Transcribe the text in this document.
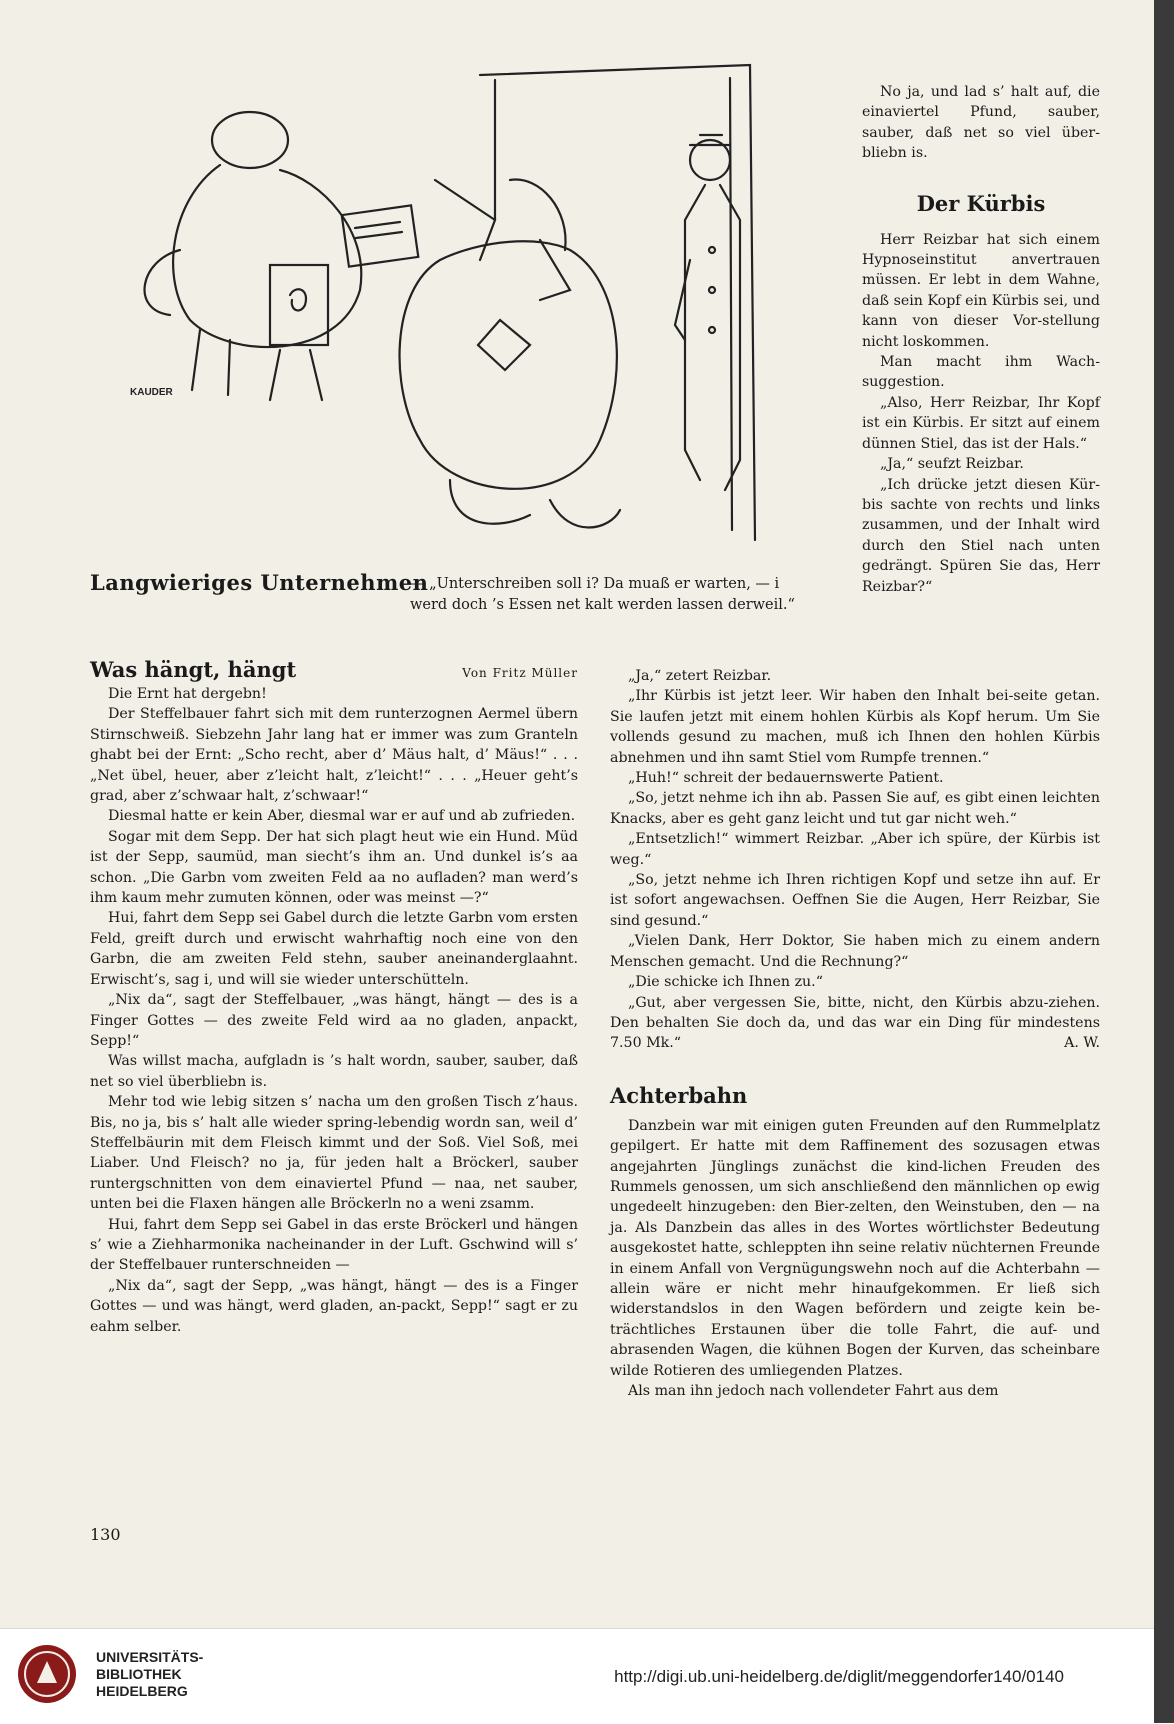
KAUDER
Langwieriges Unternehmen
— „Unterschreiben soll i? Da muaß er warten, — i werd doch ’s Essen net kalt werden lassen derweil.“
Was hängt, hängt	Von Fritz Müller

Die Ernt hat dergebn!

Der Steffelbauer fahrt sich mit dem runterzognen Aermel übern Stirnschweiß. Siebzehn Jahr lang hat er immer was zum Granteln ghabt bei der Ernt: „Scho recht, aber d’ Mäus halt, d’ Mäus!“ . . . „Net übel, heuer, aber z’leicht halt, z’leicht!“ . . . „Heuer geht’s grad, aber z’schwaar halt, z’schwaar!“

Diesmal hatte er kein Aber, diesmal war er auf und ab zufrieden.

Sogar mit dem Sepp. Der hat sich plagt heut wie ein Hund. Müd ist der Sepp, saumüd, man siecht’s ihm an. Und dunkel is’s aa schon. „Die Garbn vom zweiten Feld aa no aufladen? man werd’s ihm kaum mehr zumuten können, oder was meinst —?“

Hui, fahrt dem Sepp sei Gabel durch die letzte Garbn vom ersten Feld, greift durch und erwischt wahrhaftig noch eine von den Garbn, die am zweiten Feld stehn, sauber aneinanderglaahnt. Erwischt’s, sag i, und will sie wieder unterschütteln.

„Nix da“, sagt der Steffelbauer, „was hängt, hängt — des is a Finger Gottes — des zweite Feld wird aa no gladen, anpackt, Sepp!“

Was willst macha, aufgladn is ’s halt wordn, sauber, sauber, daß net so viel überbliebn is.

Mehr tod wie lebig sitzen s’ nacha um den großen Tisch z’haus. Bis, no ja, bis s’ halt alle wieder spring-lebendig wordn san, weil d’ Steffelbäurin mit dem Fleisch kimmt und der Soß. Viel Soß, mei Liaber. Und Fleisch? no ja, für jeden halt a Bröckerl, sauber runtergschnitten von dem einaviertel Pfund — naa, net sauber, unten bei die Flaxen hängen alle Bröckerln no a weni zsamm.

Hui, fahrt dem Sepp sei Gabel in das erste Bröckerl und hängen s’ wie a Ziehharmonika nacheinander in der Luft. Gschwind will s’ der Steffelbauer runterschneiden —

„Nix da“, sagt der Sepp, „was hängt, hängt — des is a Finger Gottes — und was hängt, werd gladen, an-packt, Sepp!“ sagt er zu eahm selber.

130

No ja, und lad s’ halt auf, die einaviertel Pfund, sauber, sauber, daß net so viel über-bliebn is.

Der Kürbis

Herr Reizbar hat sich einem Hypnoseinstitut anvertrauen müssen. Er lebt in dem Wahne, daß sein Kopf ein Kürbis sei, und kann von dieser Vor-stellung nicht loskommen.

Man macht ihm Wach-suggestion.

„Also, Herr Reizbar, Ihr Kopf ist ein Kürbis. Er sitzt auf einem dünnen Stiel, das ist der Hals.“

„Ja,“ seufzt Reizbar.

„Ich drücke jetzt diesen Kür-bis sachte von rechts und links zusammen, und der Inhalt wird durch den Stiel nach unten gedrängt. Spüren Sie das, Herr Reizbar?“

„Ja,“ zetert Reizbar.

„Ihr Kürbis ist jetzt leer. Wir haben den Inhalt bei-seite getan. Sie laufen jetzt mit einem hohlen Kürbis als Kopf herum. Um Sie vollends gesund zu machen, muß ich Ihnen den hohlen Kürbis abnehmen und ihn samt Stiel vom Rumpfe trennen.“

„Huh!“ schreit der bedauernswerte Patient.

„So, jetzt nehme ich ihn ab. Passen Sie auf, es gibt einen leichten Knacks, aber es geht ganz leicht und tut gar nicht weh.“

„Entsetzlich!“ wimmert Reizbar. „Aber ich spüre, der Kürbis ist weg.“

„So, jetzt nehme ich Ihren richtigen Kopf und setze ihn auf. Er ist sofort angewachsen. Oeffnen Sie die Augen, Herr Reizbar, Sie sind gesund.“

„Vielen Dank, Herr Doktor, Sie haben mich zu einem andern Menschen gemacht. Und die Rechnung?“

„Die schicke ich Ihnen zu.“

„Gut, aber vergessen Sie, bitte, nicht, den Kürbis abzu-ziehen. Den behalten Sie doch da, und das war ein Ding für mindestens 7.50 Mk.“	A. W.

Achterbahn

Danzbein war mit einigen guten Freunden auf den Rummelplatz gepilgert. Er hatte mit dem Raffinement des sozusagen etwas angejahrten Jünglings zunächst die kind-lichen Freuden des Rummels genossen, um sich anschließend den männlichen op ewig ungedeelt hinzugeben: den Bier-zelten, den Weinstuben, den — na ja. Als Danzbein das alles in des Wortes wörtlichster Bedeutung ausgekostet hatte, schleppten ihn seine relativ nüchternen Freunde in einem Anfall von Vergnügungswehn noch auf die Achterbahn — allein wäre er nicht mehr hinaufgekommen. Er ließ sich widerstandslos in den Wagen befördern und zeigte kein be-trächtliches Erstaunen über die tolle Fahrt, die auf- und abrasenden Wagen, die kühnen Bogen der Kurven, das scheinbare wilde Rotieren des umliegenden Platzes.

Als man ihn jedoch nach vollendeter Fahrt aus dem

UNIVERSITÄTS-
BIBLIOTHEK
HEIDELBERG
http://digi.ub.uni-heidelberg.de/diglit/meggendorfer140/0140
